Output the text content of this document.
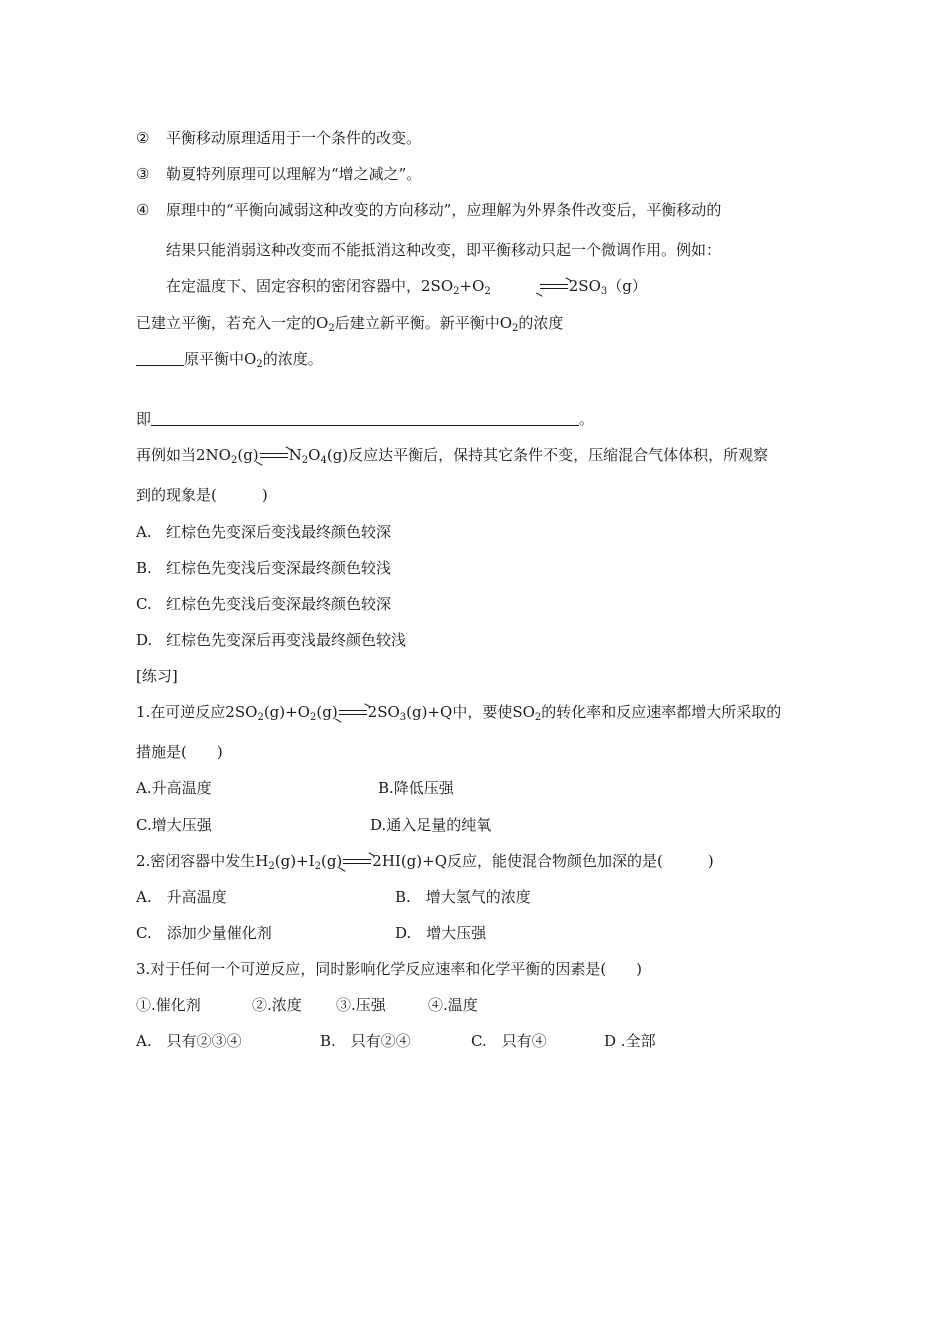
② 平衡移动原理适用于一个条件的改变。
③ 勒夏特列原理可以理解为“增之减之”。
④ 原理中的“平衡向减弱这种改变的方向移动”，应理解为外界条件改变后，平衡移动的
结果只能消弱这种改变而不能抵消这种改变，即平衡移动只起一个微调作用。例如：
在定温度下、固定容积的密闭容器中，$2SO_2+O_2$	$\to 2SO_3(g)$
已建立平衡，若充入一定的$O_2$后建立新平衡。新平衡中$O_2$的浓度
原平衡中$O_2$的浓度。
即	。
再例如当$2NO_2(g)\to N_2O_4(g)$反应达平衡后，保持其它条件不变，压缩混合气体体积，所观察
到的现象是(　　　)
A. 红棕色先变深后变浅最终颜色较深
B. 红棕色先变浅后变深最终颜色较浅
C. 红棕色先变浅后变深最终颜色较深
D. 红棕色先变深后再变浅最终颜色较浅
[练习]
1.在可逆反应$2SO_2(g)+O_2(g)\to 2SO_3(g)+Q$中，要使$SO_2$的转化率和反应速率都增大所采取的
措施是(　　)
A.升高温度	B.降低压强
C.增大压强	D.通入足量的纯氧
2.密闭容器中发生$H_2(g)+I_2(g)\to 2HI(g)+Q$反应，能使混合物颜色加深的是(　　　)
A.　升高温度	B.　增大氢气的浓度
C.　添加少量催化剂	D.　增大压强
3.对于任何一个可逆反应，同时影响化学反应速率和化学平衡的因素是(　　)
①.催化剂	②.浓度 ③.压强	④.温度
A.　只有②③④	B.　只有②④	C.　只有④	D .全部
